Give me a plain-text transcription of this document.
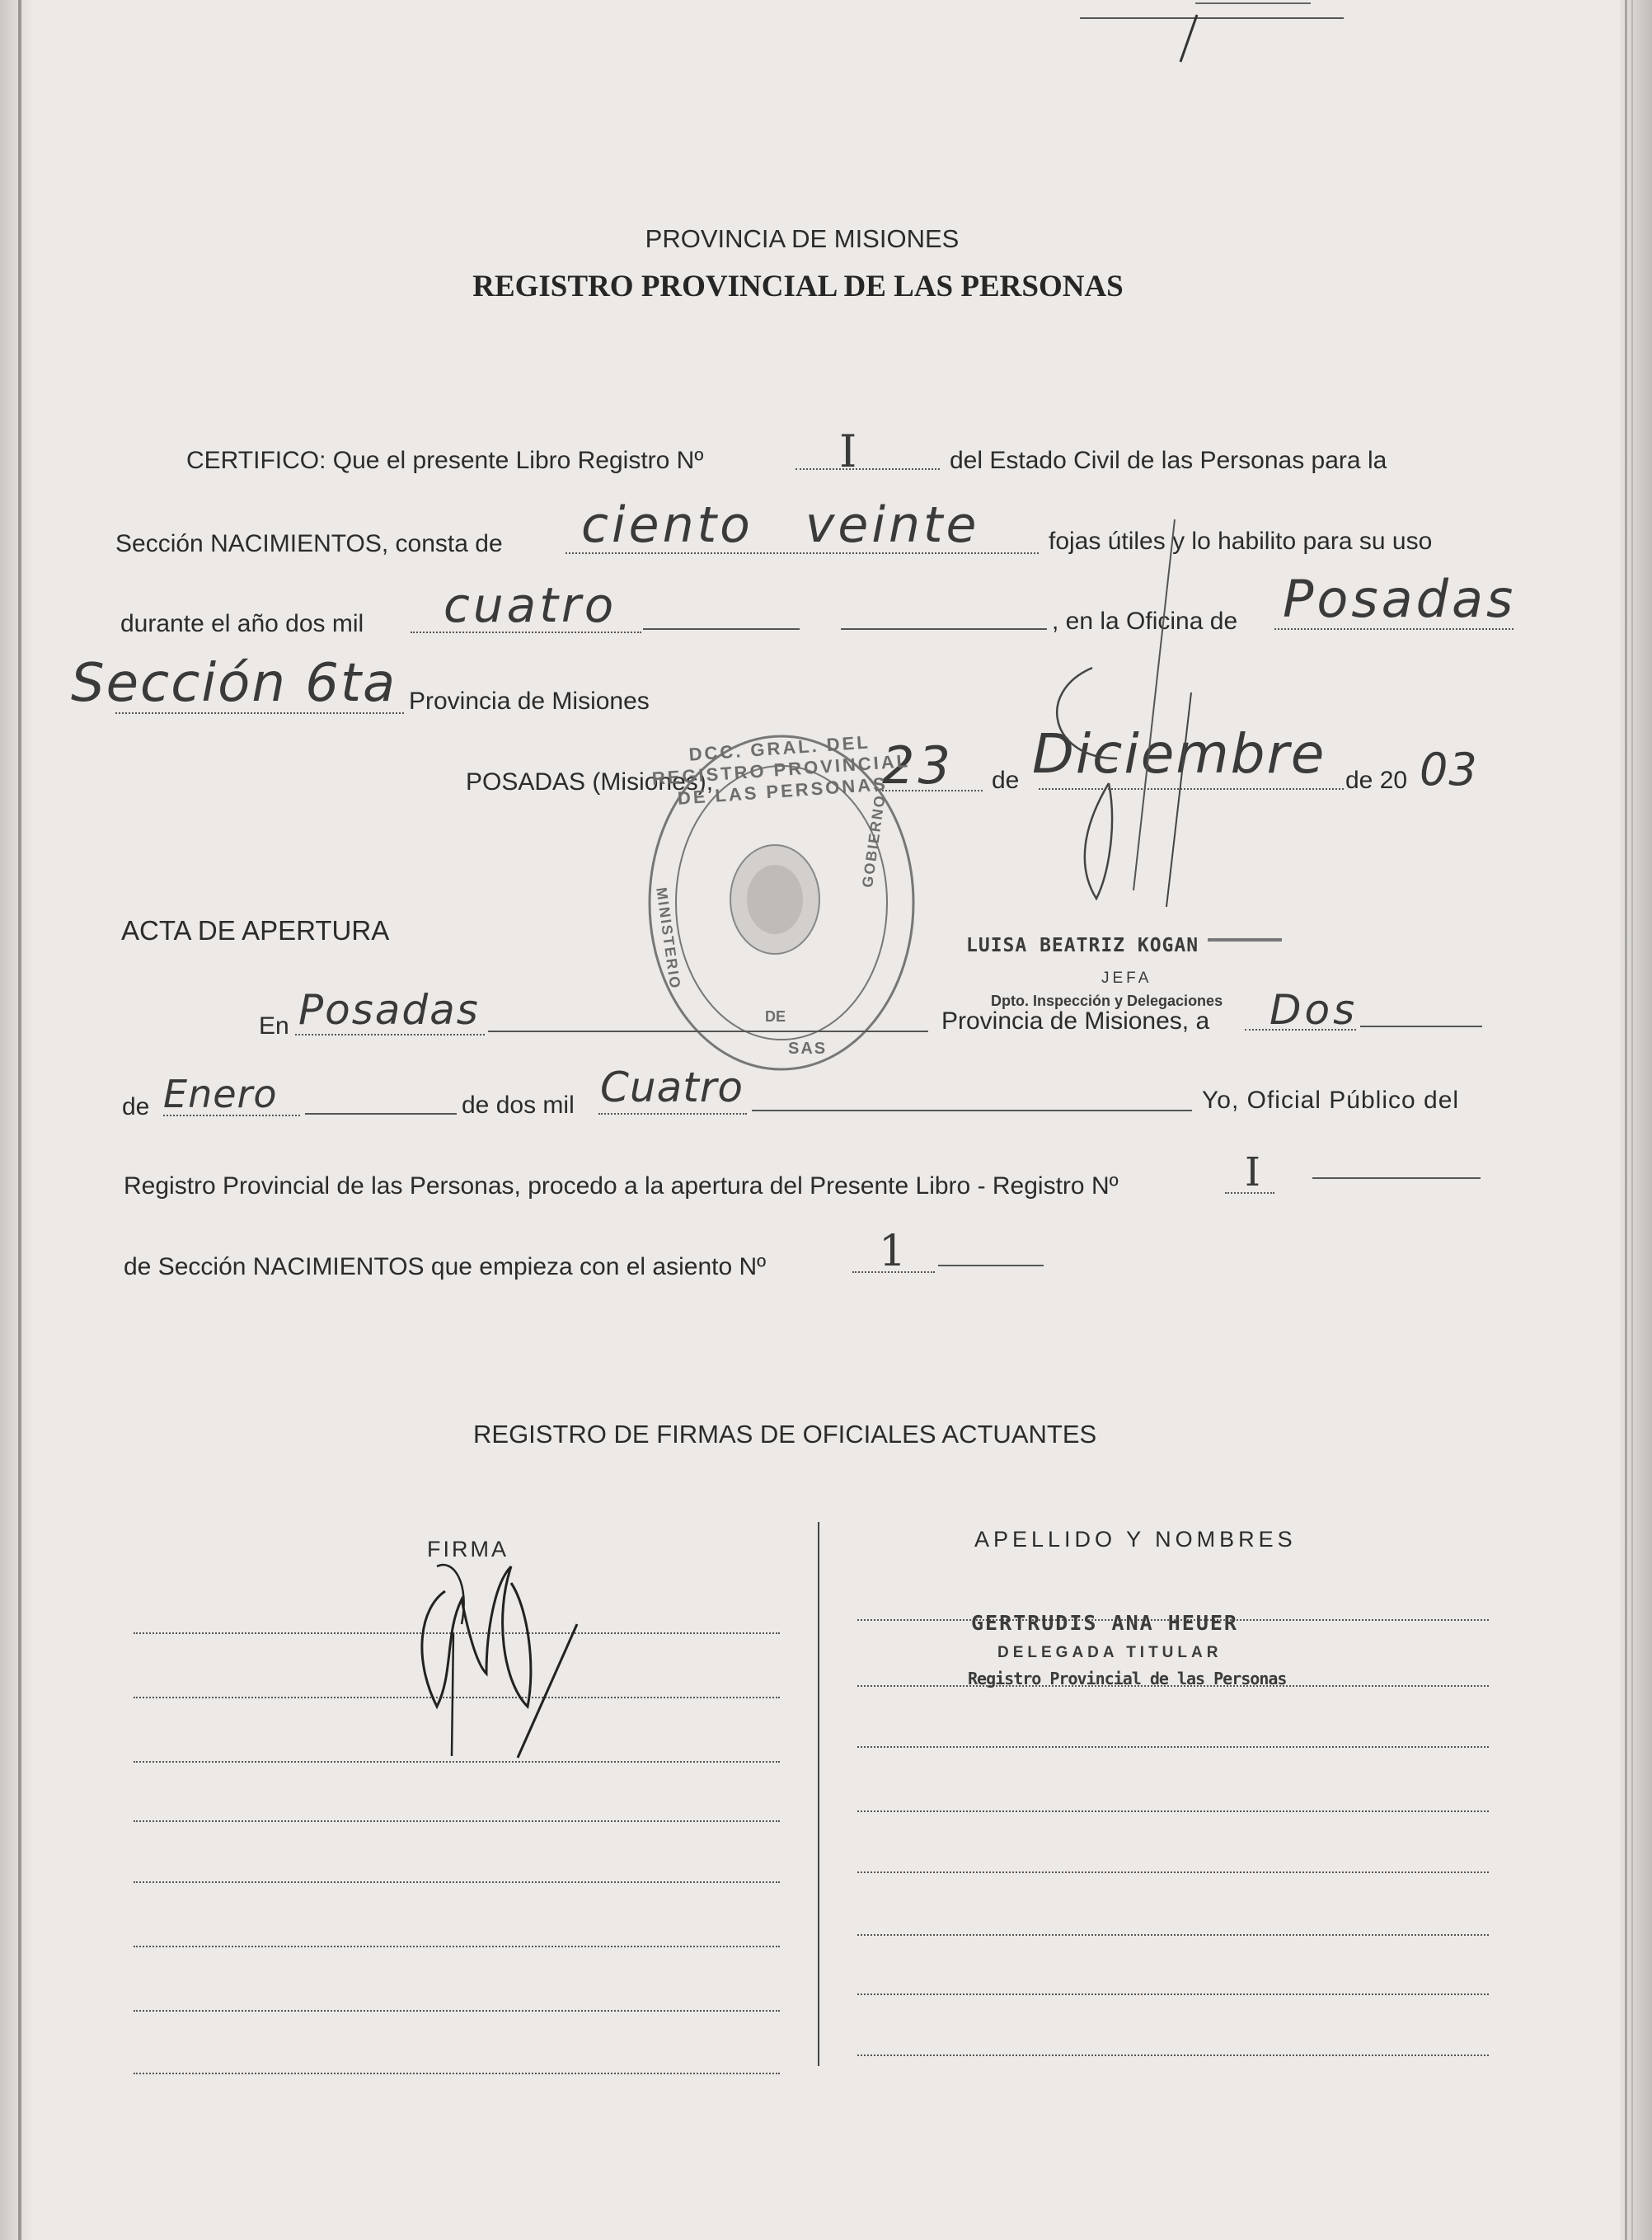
PROVINCIA DE MISIONES
REGISTRO PROVINCIAL DE LAS PERSONAS
CERTIFICO: Que el presente Libro Registro Nº	I	del Estado Civil de las Personas para la
Sección NACIMIENTOS, consta de ciento veinte	fojas útiles y lo habilito para su uso
durante el año dos mil cuatro	, en la Oficina de Posadas
Sección 6ta Provincia de Misiones
POSADAS (Misiones),	23 de Diciembre de 20 03
DCC. GRAL. DEL REGISTRO PROVINCIAL DE LAS PERSONAS
MINISTERIO
GOBIERNO
DE
SAS
LUISA BEATRIZ KOGAN
JEFA
Dpto. Inspección y Delegaciones
ACTA DE APERTURA
En Posadas	Provincia de Misiones, a Dos
de Enero	de dos mil Cuatro	Yo, Oficial Público del
Registro Provincial de las Personas, procedo a la apertura del Presente Libro - Registro Nº	I
de Sección NACIMIENTOS que empieza con el asiento Nº	1
REGISTRO DE FIRMAS DE OFICIALES ACTUANTES
FIRMA	APELLIDO Y NOMBRES
GERTRUDIS ANA HEUER
DELEGADA TITULAR
Registro Provincial de las Personas
